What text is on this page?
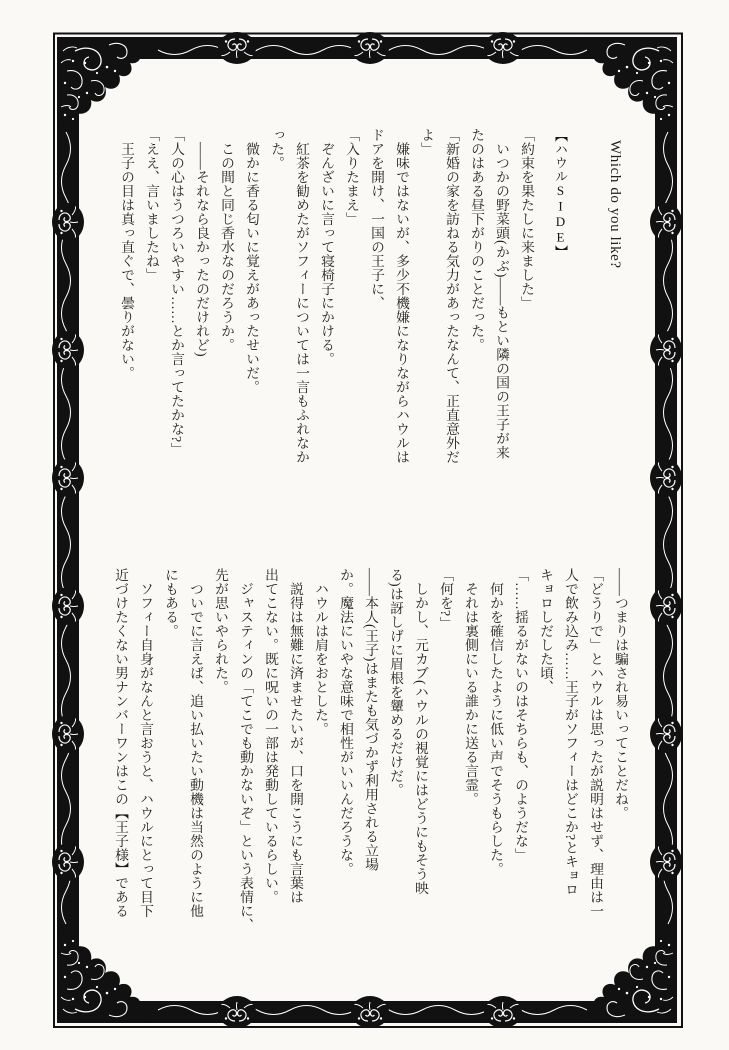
Which do you like?
【ハウルSIDE】
「約束を果たしに来ました」
　いつかの野菜頭(かぶ)――もとい隣の国の王子が来
たのはある昼下がりのことだった。
「新婚の家を訪ねる気力があったなんて、正直意外だ
よ」
　嫌味ではないが、多少不機嫌になりながらハウルは
ドアを開け、一国の王子に、
「入りたまえ」
　ぞんざいに言って寝椅子にかける。
　紅茶を勧めたがソフィーについては一言もふれなか
った。
　微かに香る匂いに覚えがあったせいだ。
　この間と同じ香水なのだろうか。
　――それなら良かったのだけれど)
「人の心はうつろいやすい……とか言ってたかな?」
「ええ、言いましたね」
　王子の目は真っ直ぐで、曇りがない。
――つまりは騙され易いってことだね。
「どうりで」とハウルは思ったが説明はせず、理由は一
人で飲み込み……王子がソフィーはどこか?とキョロ
キョロしだした頃、
「……揺るがないのはそちらも、のようだな」
　何かを確信したように低い声でそうもらした。
　それは裏側にいる誰かに送る言霊。
「何を?」
　しかし、元カブ(ハウルの視覚にはどうにもそう映
る)は訝しげに眉根を顰めるだけだ。
――本人(王子)はまたも気づかず利用される立場
か。魔法にいやな意味で相性がいいんだろうな。
　ハウルは肩をおとした。
　説得は無難に済ませたいが、口を開こうにも言葉は
出てこない。既に呪いの一部は発動しているらしい。
　ジャスティンの「てこでも動かないぞ」という表情に、
先が思いやられた。
　ついでに言えば、追い払いたい動機は当然のように他
にもある。
　ソフィー自身がなんと言おうと、ハウルにとって目下
近づけたくない男ナンバーワンはこの【王子様】である
